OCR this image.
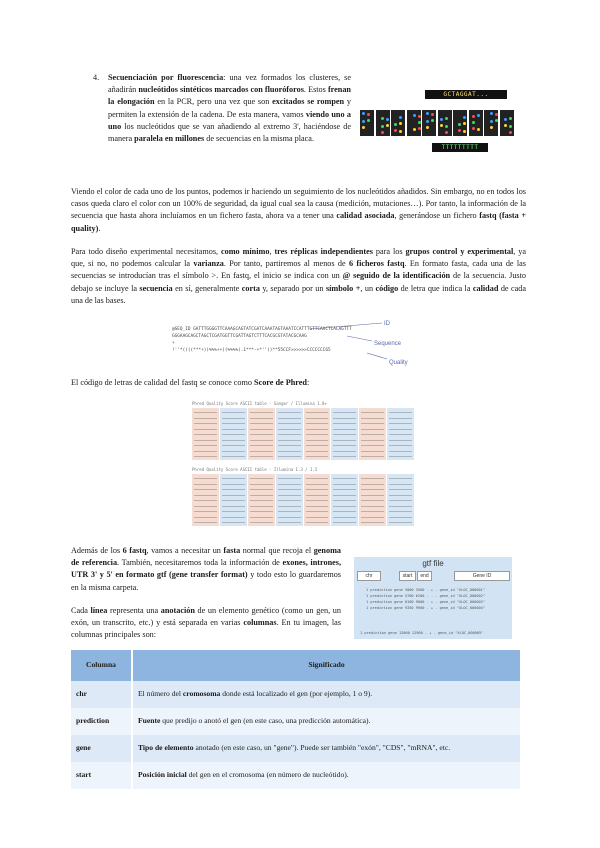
4. Secuenciación por fluorescencia: una vez formados los clusteres, se añadirán nucleótidos sintéticos marcados con fluoróforos. Estos frenan la elongación en la PCR, pero una vez que son excitados se rompen y permiten la extensión de la cadena. De esta manera, vamos viendo uno a uno los nucleótidos que se van añadiendo al extremo 3', haciéndose de manera paralela en millones de secuencias en la misma placa.
GCTAGGAT...
TTTTTTTTT
Viendo el color de cada uno de los puntos, podemos ir haciendo un seguimiento de los nucleótidos añadidos. Sin embargo, no en todos los casos queda claro el color con un 100% de seguridad, da igual cual sea la causa (medición, mutaciones…). Por tanto, la información de la secuencia que hasta ahora incluíamos en un fichero fasta, ahora va a tener una calidad asociada, generándose un fichero fastq (fasta + quality).
Para todo diseño experimental necesitamos, como mínimo, tres réplicas independientes para los grupos control y experimental, ya que, si no, no podemos calcular la varianza. Por tanto, partiremos al menos de 6 ficheros fastq. En formato fasta, cada una de las secuencias se introducían tras el símbolo >. En fastq, el inicio se indica con un @ seguido de la identificación de la secuencia. Justo debajo se incluye la secuencia en sí, generalmente corta y, separado por un símbolo +, un código de letra que indica la calidad de cada una de las bases.
@SEQ_ID GATTTGGGGTTCAAAGCAGTATCGATCAAATAGTAAATCCATTTGTTCAACTCACAGTTT
GGGAAGCAGCTAGCTCGATGGTTCGATTAGTCTTTCACGCGTATACGCAAG
+
!''*((((***+))%%%++)(%%%%).1***-+*''))**55CCF>>>>>>CCCCCCC65
ID
Sequence
Quality
El código de letras de calidad del fastq se conoce como Score de Phred:
Phred Quality Score ASCII table - Sanger / Illumina 1.8+
Phred Quality Score ASCII table - Illumina 1.3 / 1.5
Además de los 6 fastq, vamos a necesitar un fasta normal que recoja el genoma de referencia. También, necesitaremos toda la información de exones, intrones, UTR 3' y 5' en formato gtf (gene transfer format) y todo esto lo guardaremos en la misma carpeta.
Cada línea representa una anotación de un elemento genético (como un gen, un exón, un transcrito, etc.) y está separada en varias columnas. En tu imagen, las columnas principales son:
gtf file
chr	start	end	Gene ID
1 prediction gene 3000 3500 . + . gene_id "XLOC_000001"
1 prediction gene 5700 6200 . - . gene_id "XLOC_000002"
1 prediction gene 8100 9000 . + . gene_id "XLOC_000003"
1 prediction gene 9350 9900 . + . gene_id "XLOC_000004"
1 prediction gene 12000 12900 . + . gene_id "XLOC_000005"
Columna	Significado
chr	El número del cromosoma donde está localizado el gen (por ejemplo, 1 o 9).
prediction	Fuente que predijo o anotó el gen (en este caso, una predicción automática).
gene	Tipo de elemento anotado (en este caso, un "gene"). Puede ser también "exón", "CDS", "mRNA", etc.
start	Posición inicial del gen en el cromosoma (en número de nucleótido).
